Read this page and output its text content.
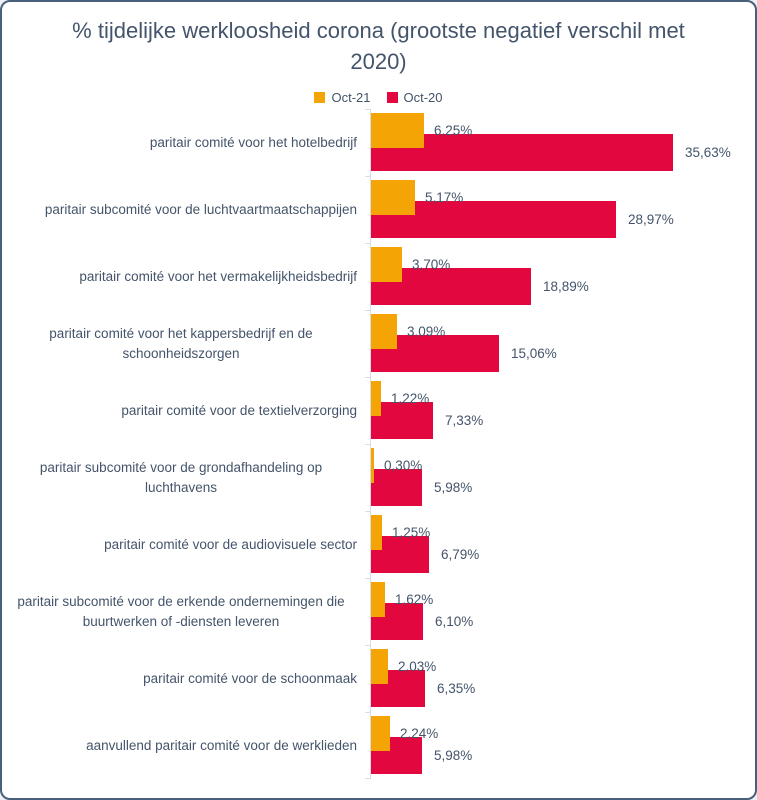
% tijdelijke werkloosheid corona (grootste negatief verschil met 2020)
Oct-21	Oct-20
paritair comité voor het hotelbedrijf
6,25%
35,63%
paritair subcomité voor de luchtvaartmaatschappijen
5,17%
28,97%
paritair comité voor het vermakelijkheidsbedrijf
3,70%
18,89%
paritair comité voor het kappersbedrijf en de schoonheidszorgen
3,09%
15,06%
paritair comité voor de textielverzorging
1,22%
7,33%
paritair subcomité voor de grondafhandeling op luchthavens
0,30%
5,98%
paritair comité voor de audiovisuele sector
1,25%
6,79%
paritair subcomité voor de erkende ondernemingen die buurtwerken of -diensten leveren
1,62%
6,10%
paritair comité voor de schoonmaak
2,03%
6,35%
aanvullend paritair comité voor de werklieden
2,24%
5,98%
